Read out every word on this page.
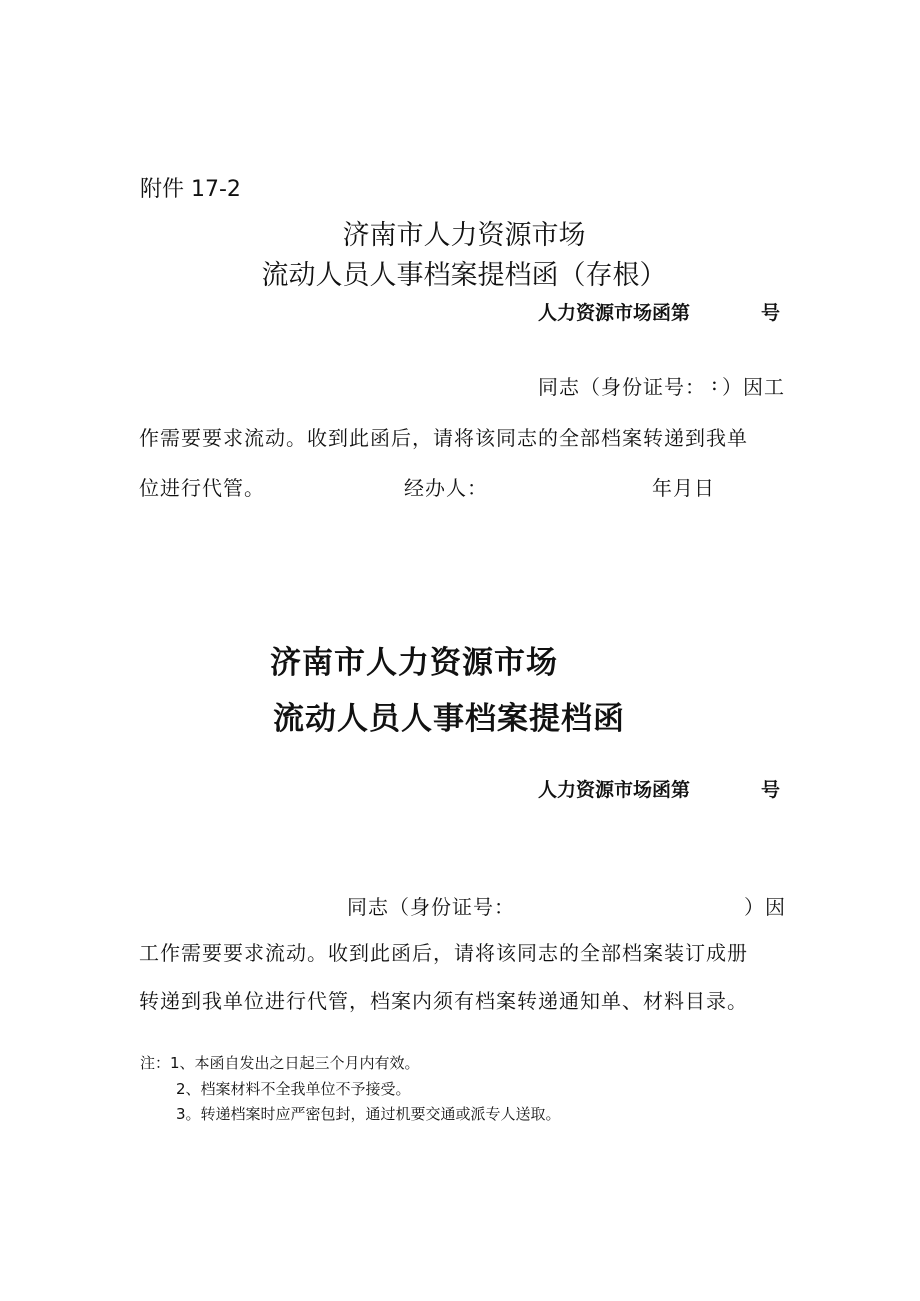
附件 17-2
济南市人力资源市场
流动人员人事档案提档函（存根）
人力资源市场函第	号
同志（身份证号： : ）因工
作需要要求流动。收到此函后，请将该同志的全部档案转递到我单
位进行代管。	经办人：	年月日
济南市人力资源市场
流动人员人事档案提档函
人力资源市场函第	号
同志（身份证号：	）因
工作需要要求流动。收到此函后，请将该同志的全部档案装订成册
转递到我单位进行代管，档案内须有档案转递通知单、材料目录。
注：1、本函自发出之日起三个月内有效。
2、档案材料不全我单位不予接受。
3。转递档案时应严密包封，通过机要交通或派专人送取。
